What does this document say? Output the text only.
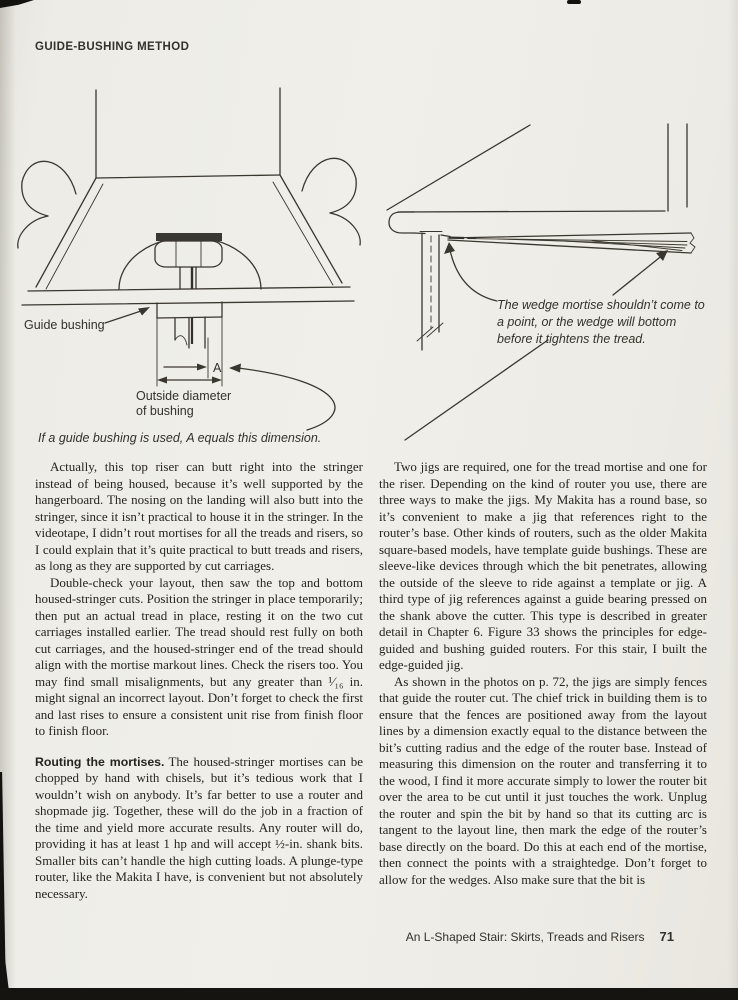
GUIDE-BUSHING METHOD
A
Guide bushing
Outside diameter
of bushing
If a guide bushing is used, A equals this dimension.
The wedge mortise shouldn’t come to
a point, or the wedge will bottom
before it tightens the tread.

Actually, this top riser can butt right into the stringer instead of being housed, because it’s well supported by the hangerboard. The nosing on the landing will also butt into the stringer, since it isn’t practical to house it in the stringer. In the videotape, I didn’t rout mortises for all the treads and risers, so I could explain that it’s quite practical to butt treads and risers, as long as they are supported by cut carriages.

Double-check your layout, then saw the top and bottom housed-stringer cuts. Position the stringer in place temporarily; then put an actual tread in place, resting it on the two cut carriages installed earlier. The tread should rest fully on both cut carriages, and the housed-stringer end of the tread should align with the mortise markout lines. Check the risers too. You may find small misalignments, but any greater than ¹⁄₁₆ in. might signal an incorrect layout. Don’t forget to check the first and last rises to ensure a consistent unit rise from finish floor to finish floor.

Routing the mortises. The housed-stringer mortises can be chopped by hand with chisels, but it’s tedious work that I wouldn’t wish on anybody. It’s far better to use a router and shopmade jig. Together, these will do the job in a fraction of the time and yield more accurate results. Any router will do, providing it has at least 1 hp and will accept ½-in. shank bits. Smaller bits can’t handle the high cutting loads. A plunge-type router, like the Makita I have, is convenient but not absolutely necessary.

Two jigs are required, one for the tread mortise and one for the riser. Depending on the kind of router you use, there are three ways to make the jigs. My Makita has a round base, so it’s convenient to make a jig that references right to the router’s base. Other kinds of routers, such as the older Makita square-based models, have template guide bushings. These are sleeve-like devices through which the bit penetrates, allowing the outside of the sleeve to ride against a template or jig. A third type of jig references against a guide bearing pressed on the shank above the cutter. This type is described in greater detail in Chapter 6. Figure 33 shows the principles for edge-guided and bushing guided routers. For this stair, I built the edge-guided jig.

As shown in the photos on p. 72, the jigs are simply fences that guide the router cut. The chief trick in building them is to ensure that the fences are positioned away from the layout lines by a dimension exactly equal to the distance between the bit’s cutting radius and the edge of the router base. Instead of measuring this dimension on the router and transferring it to the wood, I find it more accurate simply to lower the router bit over the area to be cut until it just touches the work. Unplug the router and spin the bit by hand so that its cutting arc is tangent to the layout line, then mark the edge of the router’s base directly on the board. Do this at each end of the mortise, then connect the points with a straightedge. Don’t forget to allow for the wedges. Also make sure that the bit is

An L-Shaped Stair: Skirts, Treads and Risers 71
